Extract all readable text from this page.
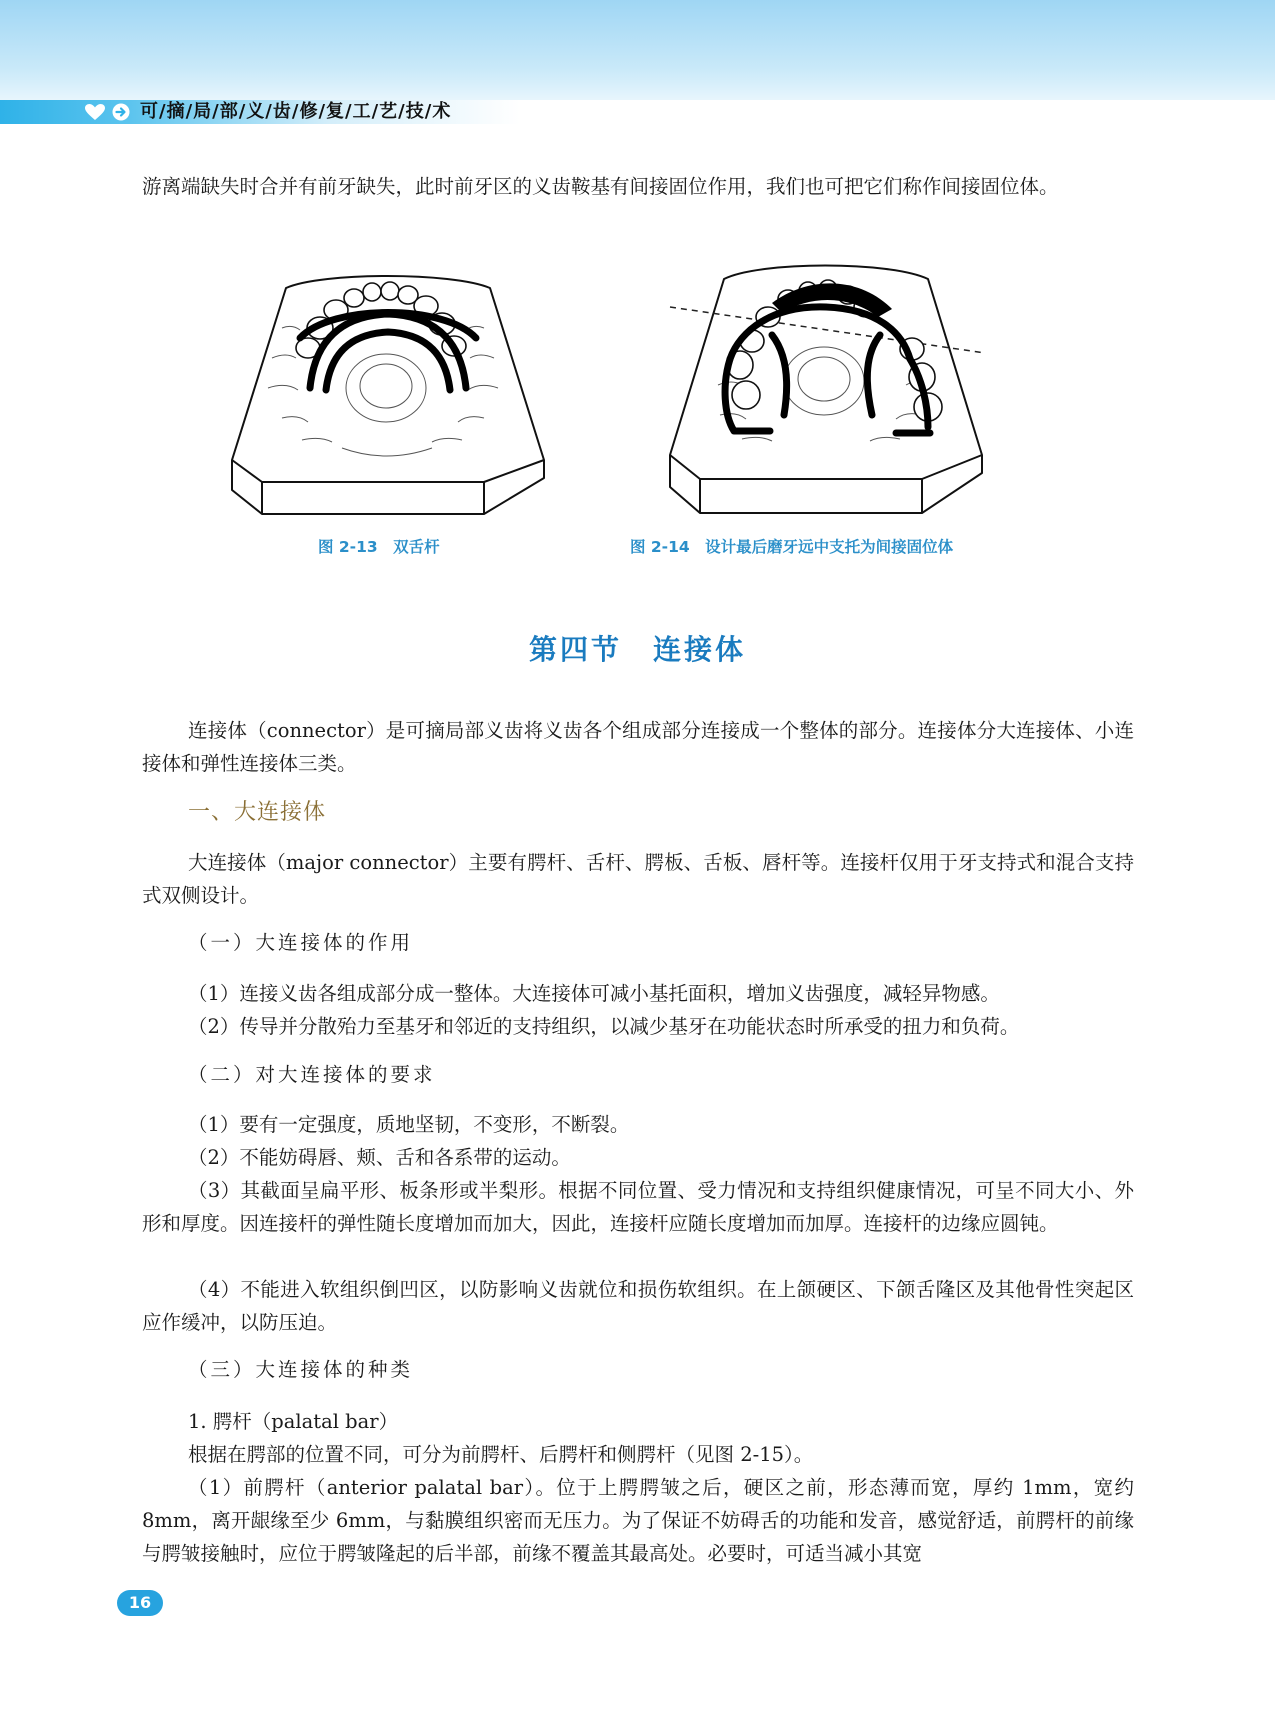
可/摘/局/部/义/齿/修/复/工/艺/技/术

游离端缺失时合并有前牙缺失，此时前牙区的义齿鞍基有间接固位作用，我们也可把它们称作间接固位体。

图 2-13　双舌杆	图 2-14　设计最后磨牙远中支托为间接固位体
第四节　连接体

连接体（connector）是可摘局部义齿将义齿各个组成部分连接成一个整体的部分。连接体分大连接体、小连接体和弹性连接体三类。

一、大连接体

大连接体（major connector）主要有腭杆、舌杆、腭板、舌板、唇杆等。连接杆仅用于牙支持式和混合支持式双侧设计。

（一）大连接体的作用

（1）连接义齿各组成部分成一整体。大连接体可减小基托面积，增加义齿强度，减轻异物感。

（2）传导并分散殆力至基牙和邻近的支持组织，以减少基牙在功能状态时所承受的扭力和负荷。

（二）对大连接体的要求

（1）要有一定强度，质地坚韧，不变形，不断裂。

（2）不能妨碍唇、颊、舌和各系带的运动。

（3）其截面呈扁平形、板条形或半梨形。根据不同位置、受力情况和支持组织健康情况，可呈不同大小、外形和厚度。因连接杆的弹性随长度增加而加大，因此，连接杆应随长度增加而加厚。连接杆的边缘应圆钝。

（4）不能进入软组织倒凹区，以防影响义齿就位和损伤软组织。在上颌硬区、下颌舌隆区及其他骨性突起区应作缓冲，以防压迫。

（三）大连接体的种类

1. 腭杆（palatal bar）

根据在腭部的位置不同，可分为前腭杆、后腭杆和侧腭杆（见图 2-15）。

（1）前腭杆（anterior palatal bar）。位于上腭腭皱之后，硬区之前，形态薄而宽，厚约 1mm，宽约 8mm，离开龈缘至少 6mm，与黏膜组织密而无压力。为了保证不妨碍舌的功能和发音，感觉舒适，前腭杆的前缘与腭皱接触时，应位于腭皱隆起的后半部，前缘不覆盖其最高处。必要时，可适当减小其宽

16
